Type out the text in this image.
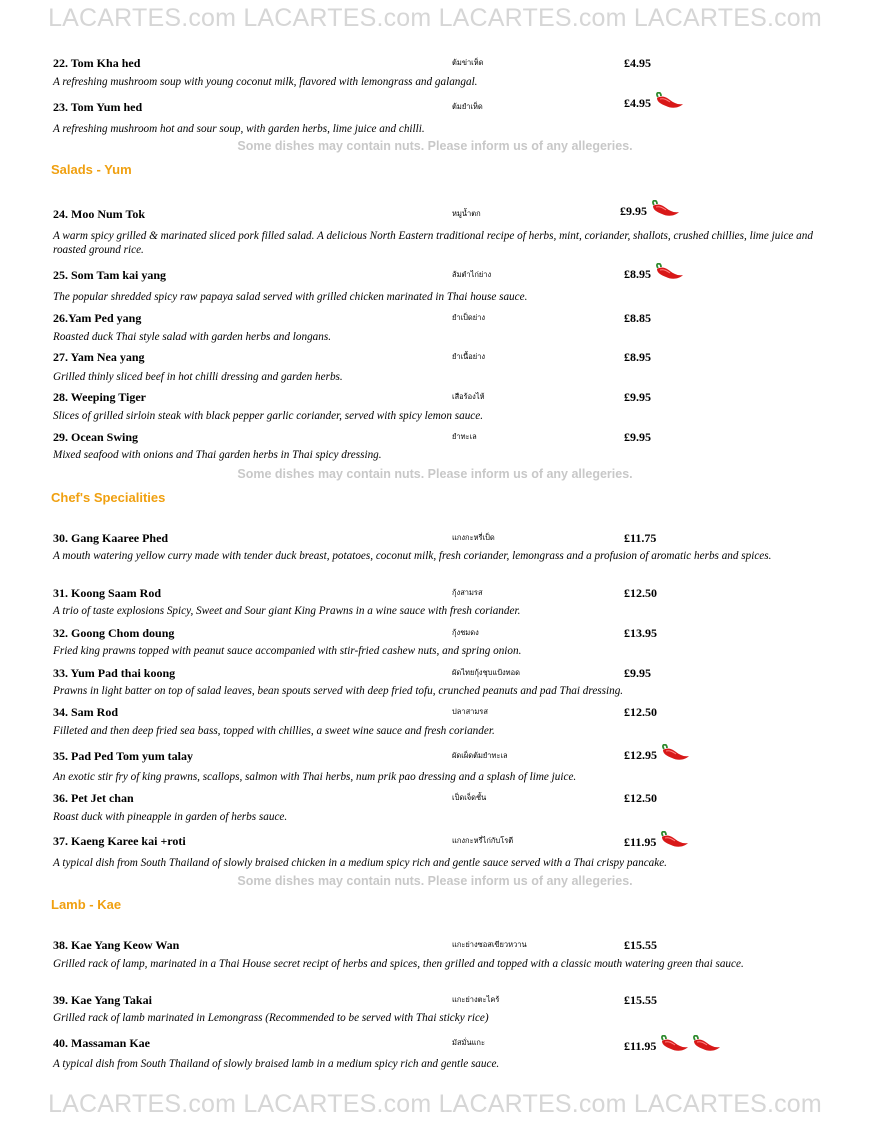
LACARTES.com LACARTES.com LACARTES.com LACARTES.com
22. Tom Kha hed	ต้มข่าเห็ด	£4.95
A refreshing mushroom soup with young coconut milk, flavored with lemongrass and galangal.
23. Tom Yum hed	ต้มยำเห็ด	£4.95
A refreshing mushroom hot and sour soup, with garden herbs, lime juice and chilli.
Some dishes may contain nuts. Please inform us of any allegeries.
Salads - Yum
24. Moo Num Tok	หมูน้ำตก	£9.95
A warm spicy grilled & marinated sliced pork filled salad. A delicious North Eastern traditional recipe of herbs, mint, coriander, shallots, crushed chillies, lime juice and roasted ground rice.
25. Som Tam kai yang	ส้มตำไก่ย่าง	£8.95
The popular shredded spicy raw papaya salad served with grilled chicken marinated in Thai house sauce.
26.Yam Ped yang	ยำเป็ดย่าง	£8.85
Roasted duck Thai style salad with garden herbs and longans.
27. Yam Nea yang	ยำเนื้อย่าง	£8.95
Grilled thinly sliced beef in hot chilli dressing and garden herbs.
28. Weeping Tiger	เสือร้องไห้	£9.95
Slices of grilled sirloin steak with black pepper garlic coriander, served with spicy lemon sauce.
29. Ocean Swing	ยำทะเล	£9.95
Mixed seafood with onions and Thai garden herbs in Thai spicy dressing.
Some dishes may contain nuts. Please inform us of any allegeries.
Chef's Specialities
30. Gang Kaaree Phed	แกงกะหรี่เป็ด	£11.75
A mouth watering yellow curry made with tender duck breast, potatoes, coconut milk, fresh coriander, lemongrass and a profusion of aromatic herbs and spices.
31. Koong Saam Rod	กุ้งสามรส	£12.50
A trio of taste explosions Spicy, Sweet and Sour giant King Prawns in a wine sauce with fresh coriander.
32. Goong Chom doung	กุ้งชมดง	£13.95
Fried king prawns topped with peanut sauce accompanied with stir-fried cashew nuts, and spring onion.
33. Yum Pad thai koong	ผัดไทยกุ้งชุบแป้งทอด	£9.95
Prawns in light batter on top of salad leaves, bean spouts served with deep fried tofu, crunched peanuts and pad Thai dressing.
34. Sam Rod	ปลาสามรส	£12.50
Filleted and then deep fried sea bass, topped with chillies, a sweet wine sauce and fresh coriander.
35. Pad Ped Tom yum talay	ผัดเผ็ดต้มยำทะเล	£12.95
An exotic stir fry of king prawns, scallops, salmon with Thai herbs, num prik pao dressing and a splash of lime juice.
36. Pet Jet chan	เป็ดเจ็ดชั้น	£12.50
Roast duck with pineapple in garden of herbs sauce.
37. Kaeng Karee kai +roti	แกงกะหรี่ไก่กับโรตี	£11.95
A typical dish from South Thailand of slowly braised chicken in a medium spicy rich and gentle sauce served with a Thai crispy pancake.
Some dishes may contain nuts. Please inform us of any allegeries.
Lamb - Kae
38. Kae Yang Keow Wan	แกะย่างซอสเขียวหวาน	£15.55
Grilled rack of lamp, marinated in a Thai House secret recipt of herbs and spices, then grilled and topped with a classic mouth watering green thai sauce.
39. Kae Yang Takai	แกะย่างตะไคร้	£15.55
Grilled rack of lamb marinated in Lemongrass (Recommended to be served with Thai sticky rice)
40. Massaman Kae	มัสมั่นแกะ	£11.95
A typical dish from South Thailand of slowly braised lamb in a medium spicy rich and gentle sauce.
LACARTES.com LACARTES.com LACARTES.com LACARTES.com
